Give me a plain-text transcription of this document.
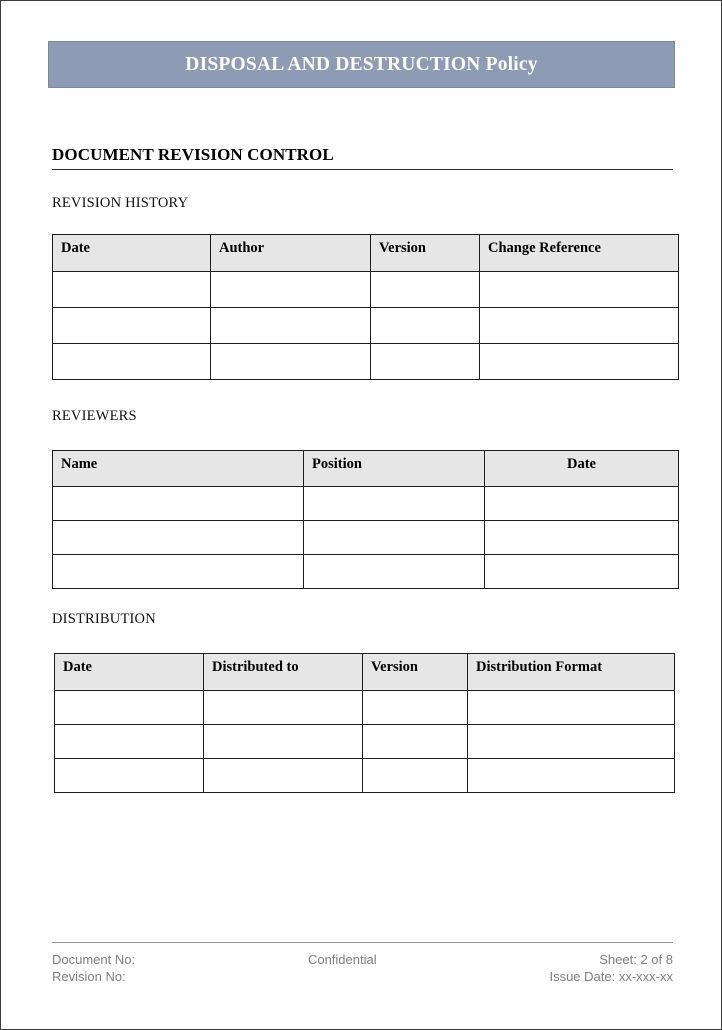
DISPOSAL AND DESTRUCTION Policy
DOCUMENT REVISION CONTROL
REVISION HISTORY
Date	Author	Version	Change Reference

REVIEWERS
Name	Position	Date

DISTRIBUTION
Date	Distributed to	Version	Distribution Format

Document No:
Revision No:
Confidential	Sheet: 2 of 8
Issue Date: xx-xxx-xx
